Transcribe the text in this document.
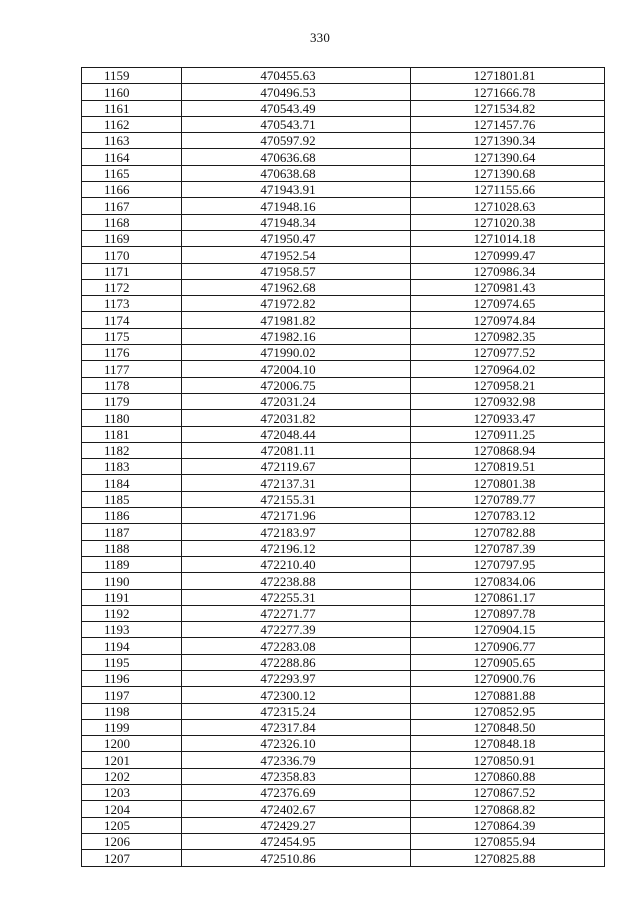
330
1159	470455.63	1271801.81
1160	470496.53	1271666.78
1161	470543.49	1271534.82
1162	470543.71	1271457.76
1163	470597.92	1271390.34
1164	470636.68	1271390.64
1165	470638.68	1271390.68
1166	471943.91	1271155.66
1167	471948.16	1271028.63
1168	471948.34	1271020.38
1169	471950.47	1271014.18
1170	471952.54	1270999.47
1171	471958.57	1270986.34
1172	471962.68	1270981.43
1173	471972.82	1270974.65
1174	471981.82	1270974.84
1175	471982.16	1270982.35
1176	471990.02	1270977.52
1177	472004.10	1270964.02
1178	472006.75	1270958.21
1179	472031.24	1270932.98
1180	472031.82	1270933.47
1181	472048.44	1270911.25
1182	472081.11	1270868.94
1183	472119.67	1270819.51
1184	472137.31	1270801.38
1185	472155.31	1270789.77
1186	472171.96	1270783.12
1187	472183.97	1270782.88
1188	472196.12	1270787.39
1189	472210.40	1270797.95
1190	472238.88	1270834.06
1191	472255.31	1270861.17
1192	472271.77	1270897.78
1193	472277.39	1270904.15
1194	472283.08	1270906.77
1195	472288.86	1270905.65
1196	472293.97	1270900.76
1197	472300.12	1270881.88
1198	472315.24	1270852.95
1199	472317.84	1270848.50
1200	472326.10	1270848.18
1201	472336.79	1270850.91
1202	472358.83	1270860.88
1203	472376.69	1270867.52
1204	472402.67	1270868.82
1205	472429.27	1270864.39
1206	472454.95	1270855.94
1207	472510.86	1270825.88
